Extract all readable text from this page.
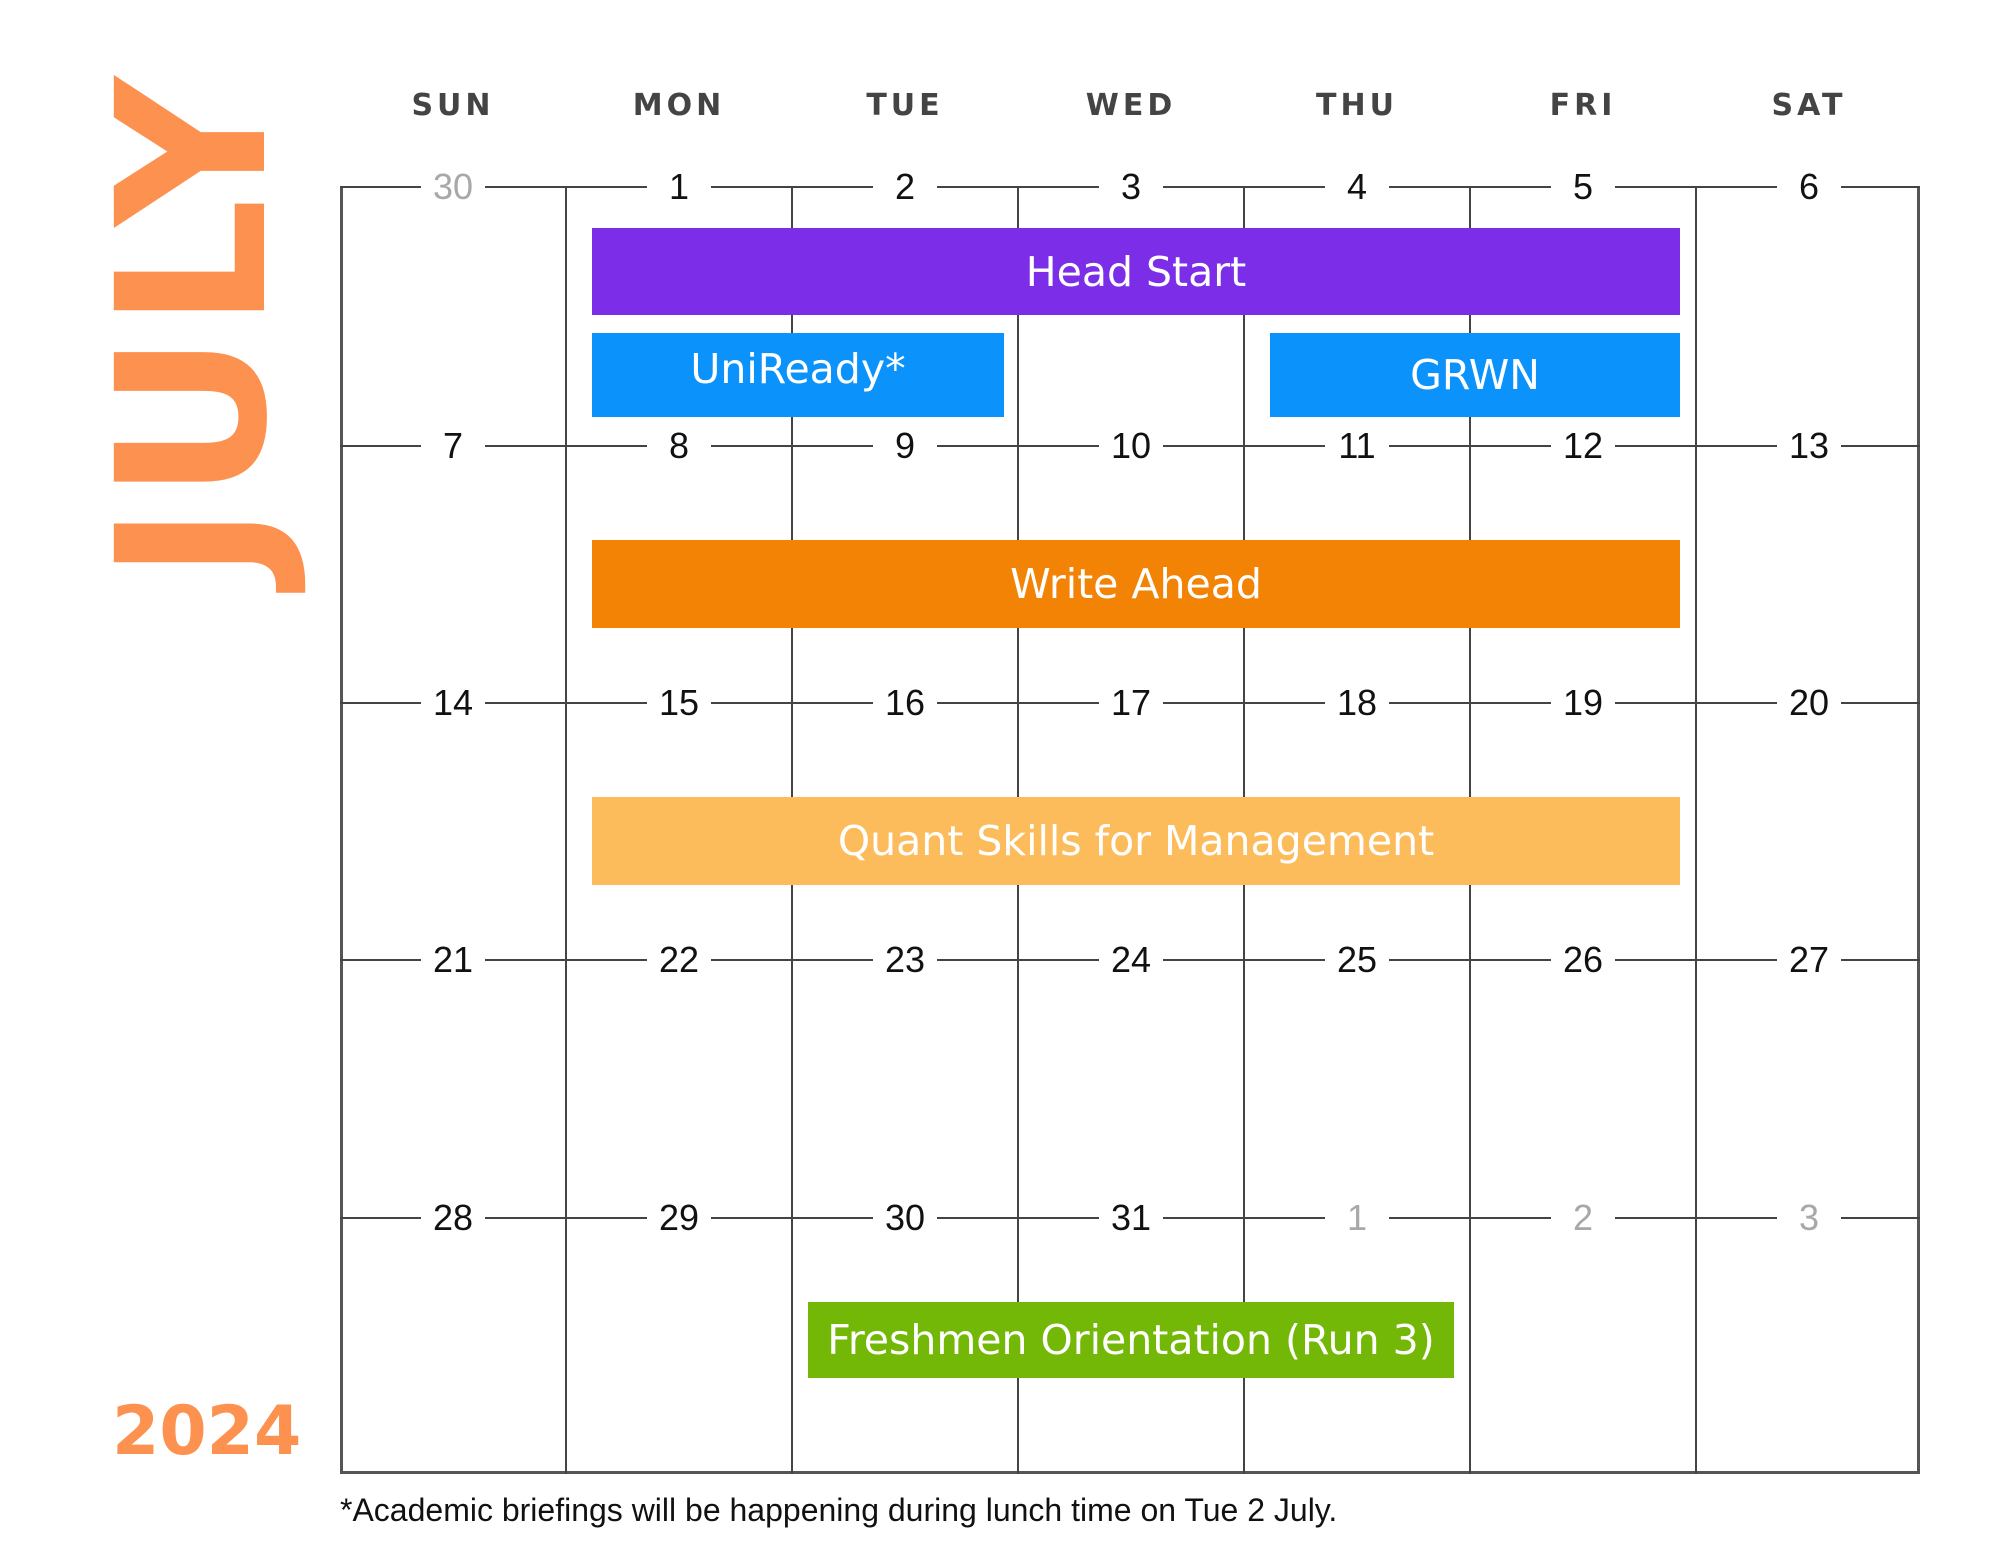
JULY
2024
SUN	MON	TUE	WED	THU	FRI	SAT
30	1	2	3	4	5	6
7	8	9	10	11	12	13
14	15	16	17	18	19	20
21	22	23	24	25	26	27
28	29	30	31	1	2	3
Head Start
UniReady*	GRWN
Write Ahead
Quant Skills for Management
Freshmen Orientation (Run 3)
*Academic briefings will be happening during lunch time on Tue 2 July.
